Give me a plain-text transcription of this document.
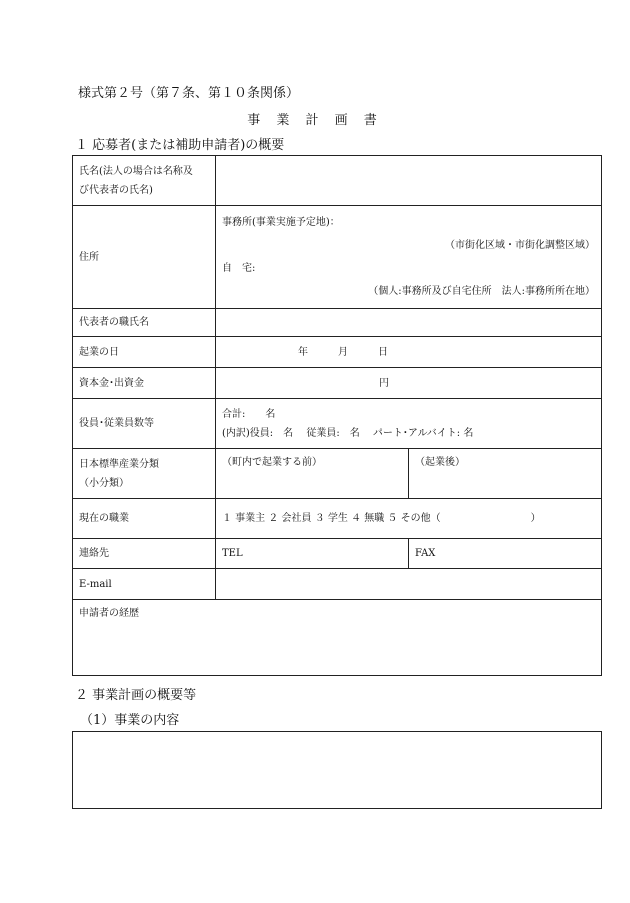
様式第２号（第７条、第１０条関係）
事 業 計 画 書
１ 応募者(または補助申請者)の概要
氏名(法人の場合は名称及
び代表者の氏名)		

住所	事務所(事業実施予定地)：
（市街化区域・市街化調整区域）
自　宅:
（個人:事務所及び自宅住所　法人:事務所所在地）	

代表者の職氏名		
起業の日	年　　　月　　　日	
資本金･出資金	円	
役員･従業員数等	合計:　　名
(内訳)役員:　名　 従業員:　名　 パート･アルバイト: 名	

日本標準産業分類
（小分類）	（町内で起業する前）	（起業後）
現在の職業	１ 事業主 ２ 会社員 ３ 学生 ４ 無職 ５ その他（　　　　　　　　　）	
連絡先	TEL	FAX
E-mail		
申請者の経歴		
２ 事業計画の概要等
（1）事業の内容
